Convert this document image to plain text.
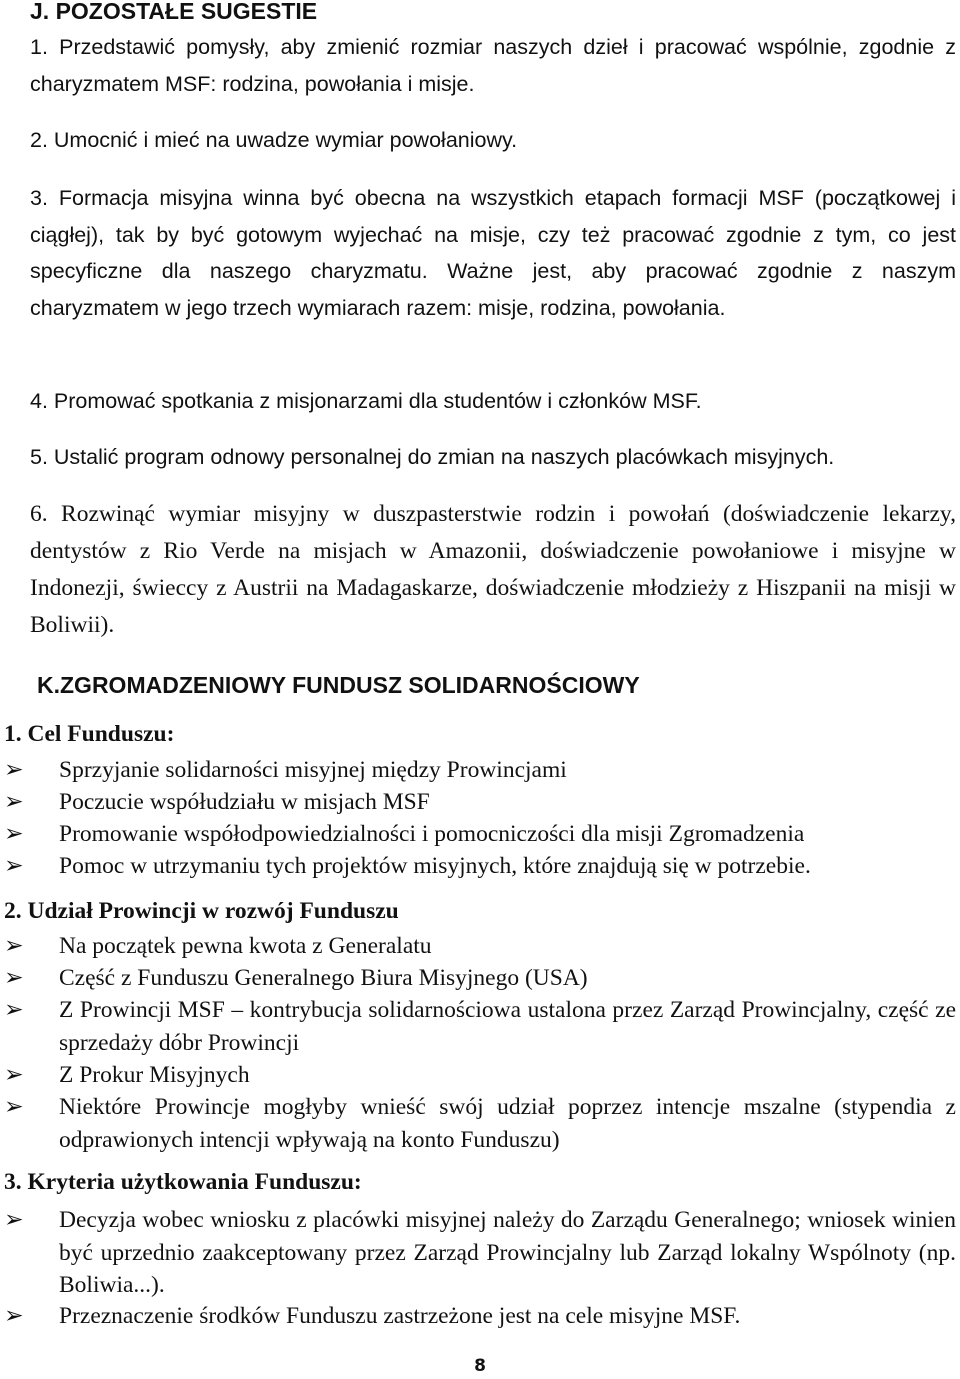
J. POZOSTAŁE SUGESTIE
1. Przedstawić pomysły, aby zmienić rozmiar naszych dzieł i pracować wspólnie, zgodnie z charyzmatem MSF: rodzina, powołania i misje.
2. Umocnić i mieć na uwadze wymiar powołaniowy.
3. Formacja misyjna winna być obecna na wszystkich etapach formacji MSF (początkowej i ciągłej), tak by być gotowym wyjechać na misje, czy też pracować zgodnie z tym, co jest specyficzne dla naszego charyzmatu. Ważne jest, aby pracować zgodnie z naszym charyzmatem w jego trzech wymiarach razem: misje, rodzina, powołania.
4. Promować spotkania z misjonarzami dla studentów i członków MSF.
5. Ustalić program odnowy personalnej do zmian na naszych placówkach misyjnych.
6. Rozwinąć wymiar misyjny w duszpasterstwie rodzin i powołań (doświadczenie lekarzy, dentystów z Rio Verde na misjach w Amazonii, doświadczenie powołaniowe i misyjne w Indonezji, świeccy z Austrii na Madagaskarze, doświadczenie młodzieży z Hiszpanii na misji w Boliwii).
K.ZGROMADZENIOWY FUNDUSZ SOLIDARNOŚCIOWY
1. Cel Funduszu:
➢	Sprzyjanie solidarności misyjnej między Prowincjami
➢	Poczucie współudziału w misjach MSF
➢	Promowanie współodpowiedzialności i pomocniczości dla misji Zgromadzenia
➢	Pomoc w utrzymaniu tych projektów misyjnych, które znajdują się w potrzebie.
2. Udział Prowincji w rozwój Funduszu
➢	Na początek pewna kwota z Generalatu
➢	Część z Funduszu Generalnego Biura Misyjnego (USA)
➢	Z Prowincji MSF – kontrybucja solidarnościowa ustalona przez Zarząd Prowincjalny, część ze sprzedaży dóbr Prowincji
➢	Z Prokur Misyjnych
➢	Niektóre Prowincje mogłyby wnieść swój udział poprzez intencje mszalne (stypendia z odprawionych intencji wpływają na konto Funduszu)
3. Kryteria użytkowania Funduszu:
➢	Decyzja wobec wniosku z placówki misyjnej należy do Zarządu Generalnego; wniosek winien być uprzednio zaakceptowany przez Zarząd Prowincjalny lub Zarząd lokalny Wspólnoty (np. Boliwia...).
➢	Przeznaczenie środków Funduszu zastrzeżone jest na cele misyjne MSF.
8
